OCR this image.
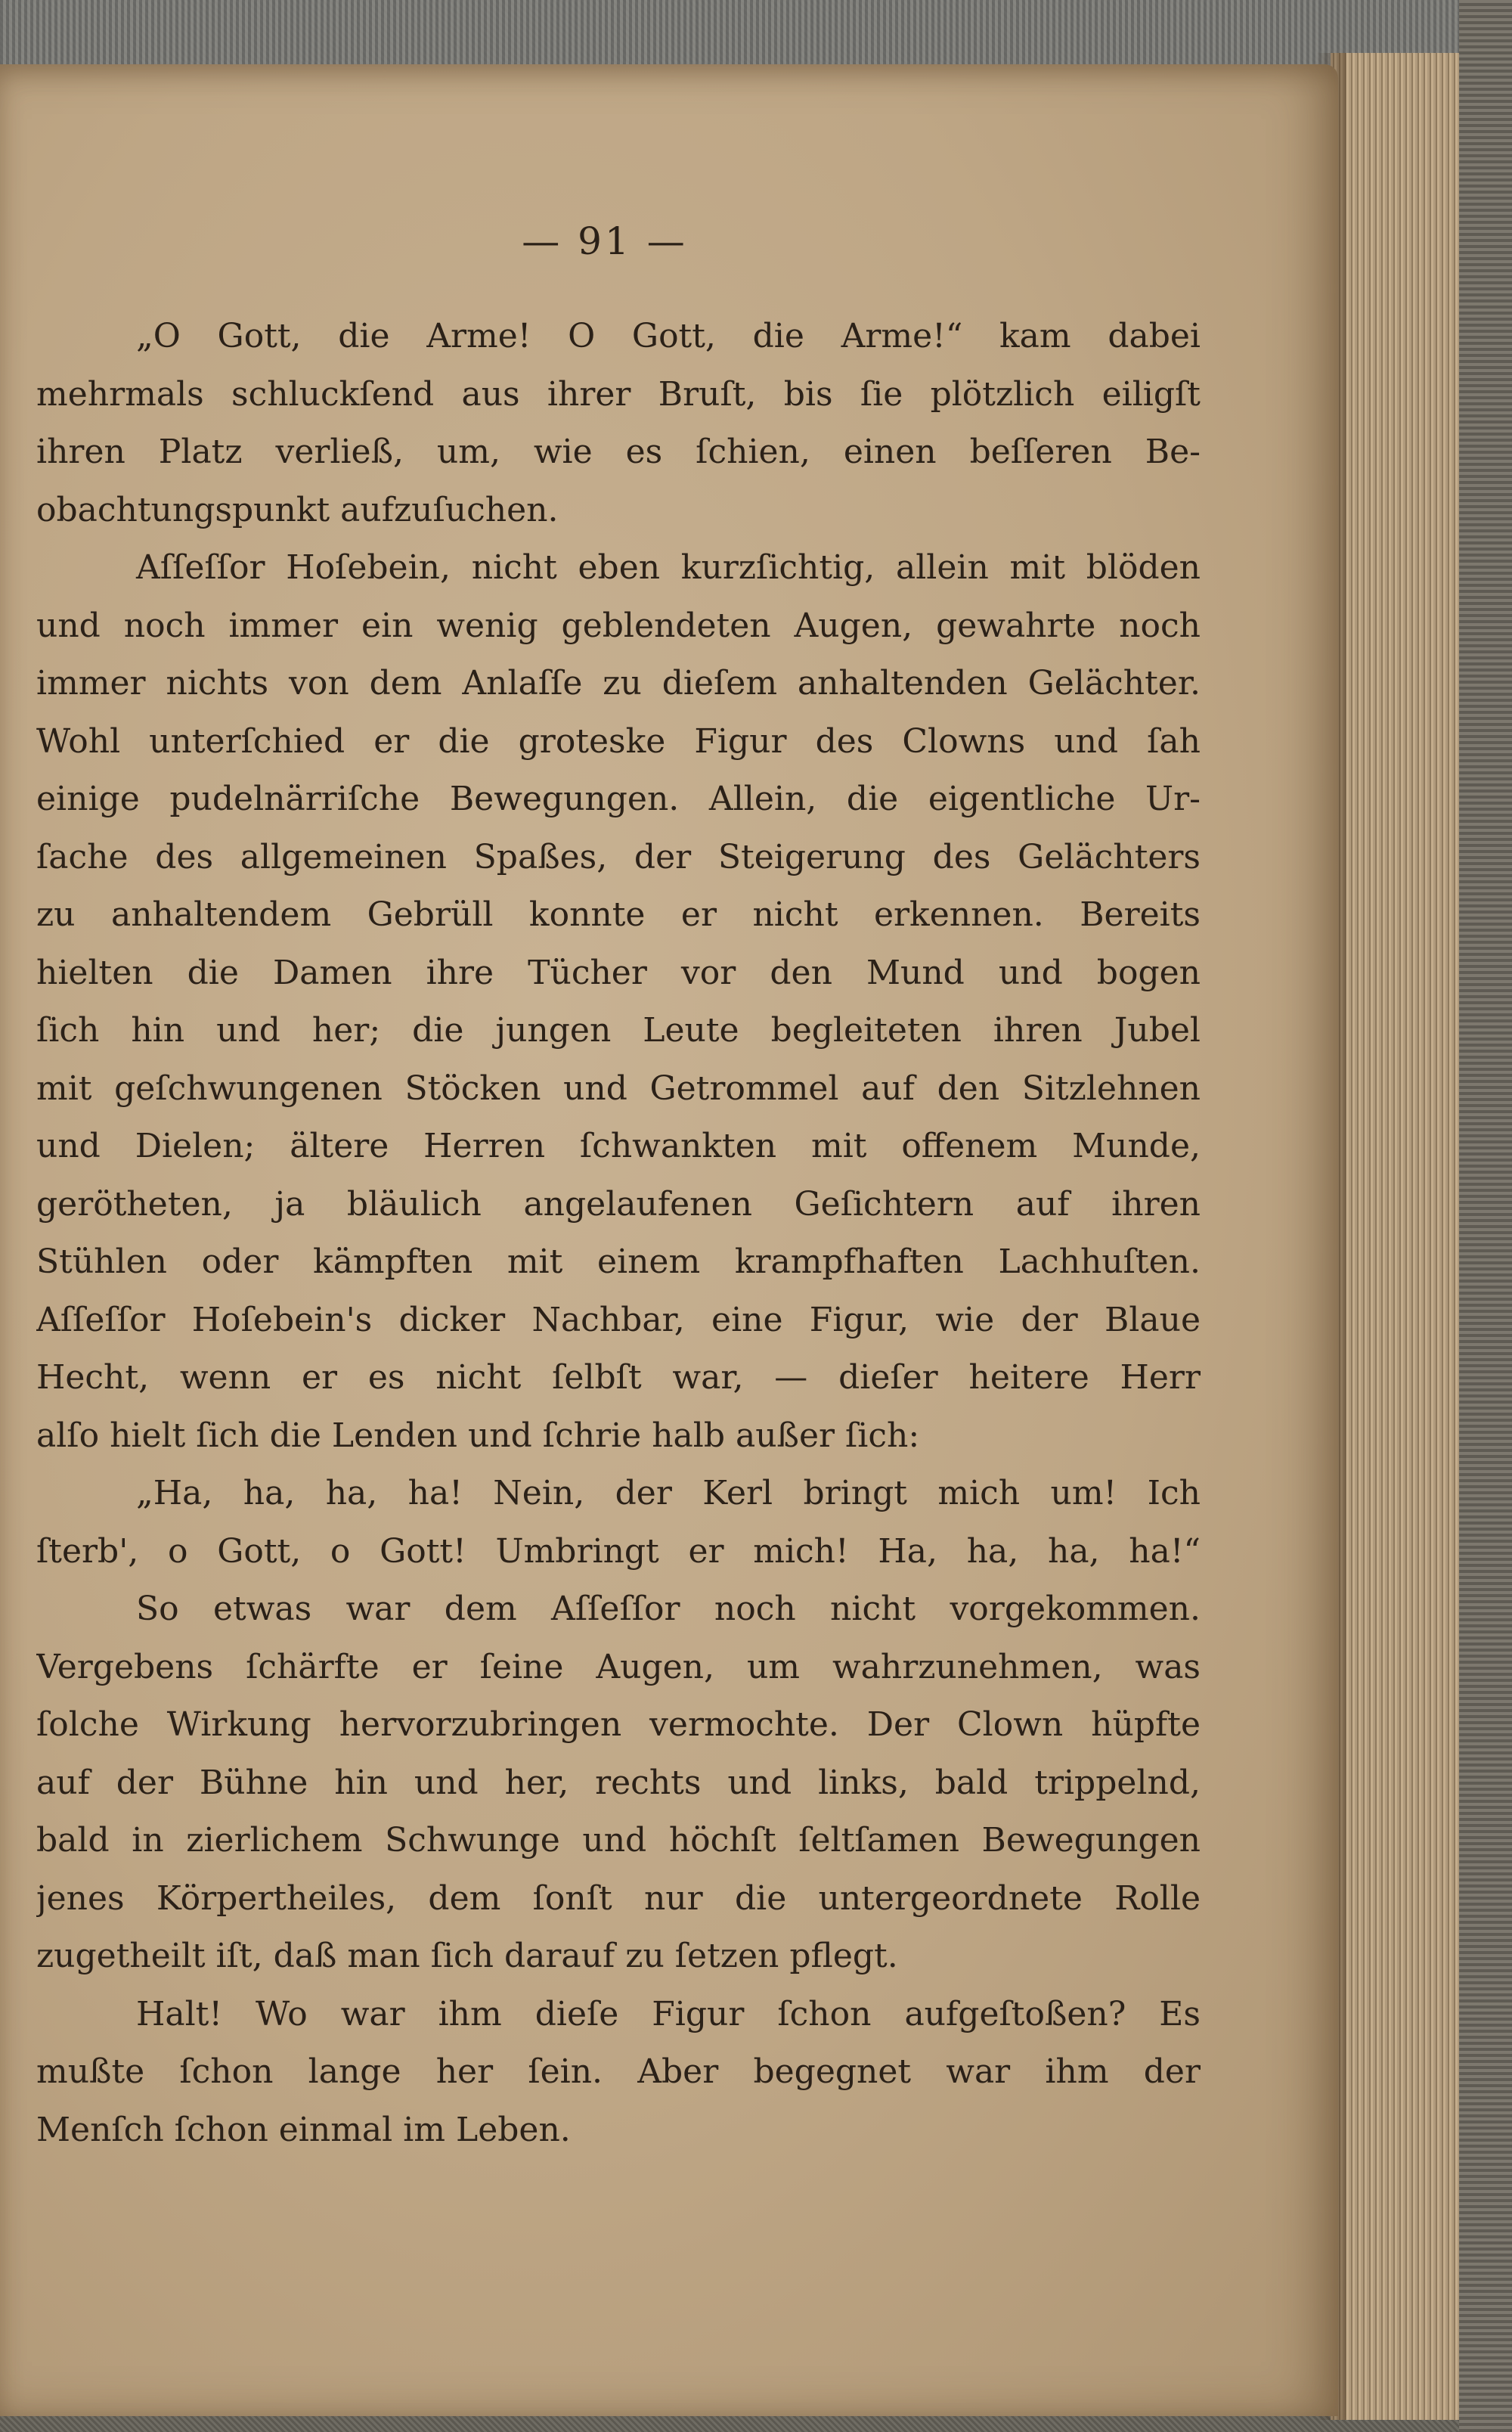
— 91 —
„O Gott, die Arme! O Gott, die Arme!“ kam dabei
mehrmals schluckſend aus ihrer Bruſt, bis ſie plötzlich eiligſt
ihren Platz verließ, um, wie es ſchien, einen beſſeren Be-
obachtungspunkt aufzuſuchen.
Aſſeſſor Hoſebein, nicht eben kurzſichtig, allein mit blöden
und noch immer ein wenig geblendeten Augen, gewahrte noch
immer nichts von dem Anlaſſe zu dieſem anhaltenden Gelächter.
Wohl unterſchied er die groteske Figur des Clowns und ſah
einige pudelnärriſche Bewegungen. Allein, die eigentliche Ur-
ſache des allgemeinen Spaßes, der Steigerung des Gelächters
zu anhaltendem Gebrüll konnte er nicht erkennen. Bereits
hielten die Damen ihre Tücher vor den Mund und bogen
ſich hin und her; die jungen Leute begleiteten ihren Jubel
mit geſchwungenen Stöcken und Getrommel auf den Sitzlehnen
und Dielen; ältere Herren ſchwankten mit offenem Munde,
gerötheten, ja bläulich angelaufenen Geſichtern auf ihren
Stühlen oder kämpften mit einem krampfhaften Lachhuſten.
Aſſeſſor Hoſebein's dicker Nachbar, eine Figur, wie der Blaue
Hecht, wenn er es nicht ſelbſt war, — dieſer heitere Herr
alſo hielt ſich die Lenden und ſchrie halb außer ſich:
„Ha, ha, ha, ha! Nein, der Kerl bringt mich um! Ich
ſterb', o Gott, o Gott! Umbringt er mich! Ha, ha, ha, ha!“
So etwas war dem Aſſeſſor noch nicht vorgekommen.
Vergebens ſchärfte er ſeine Augen, um wahrzunehmen, was
ſolche Wirkung hervorzubringen vermochte. Der Clown hüpfte
auf der Bühne hin und her, rechts und links, bald trippelnd,
bald in zierlichem Schwunge und höchſt ſeltſamen Bewegungen
jenes Körpertheiles, dem ſonſt nur die untergeordnete Rolle
zugetheilt iſt, daß man ſich darauf zu ſetzen pflegt.
Halt! Wo war ihm dieſe Figur ſchon aufgeſtoßen? Es
mußte ſchon lange her ſein. Aber begegnet war ihm der
Menſch ſchon einmal im Leben.
